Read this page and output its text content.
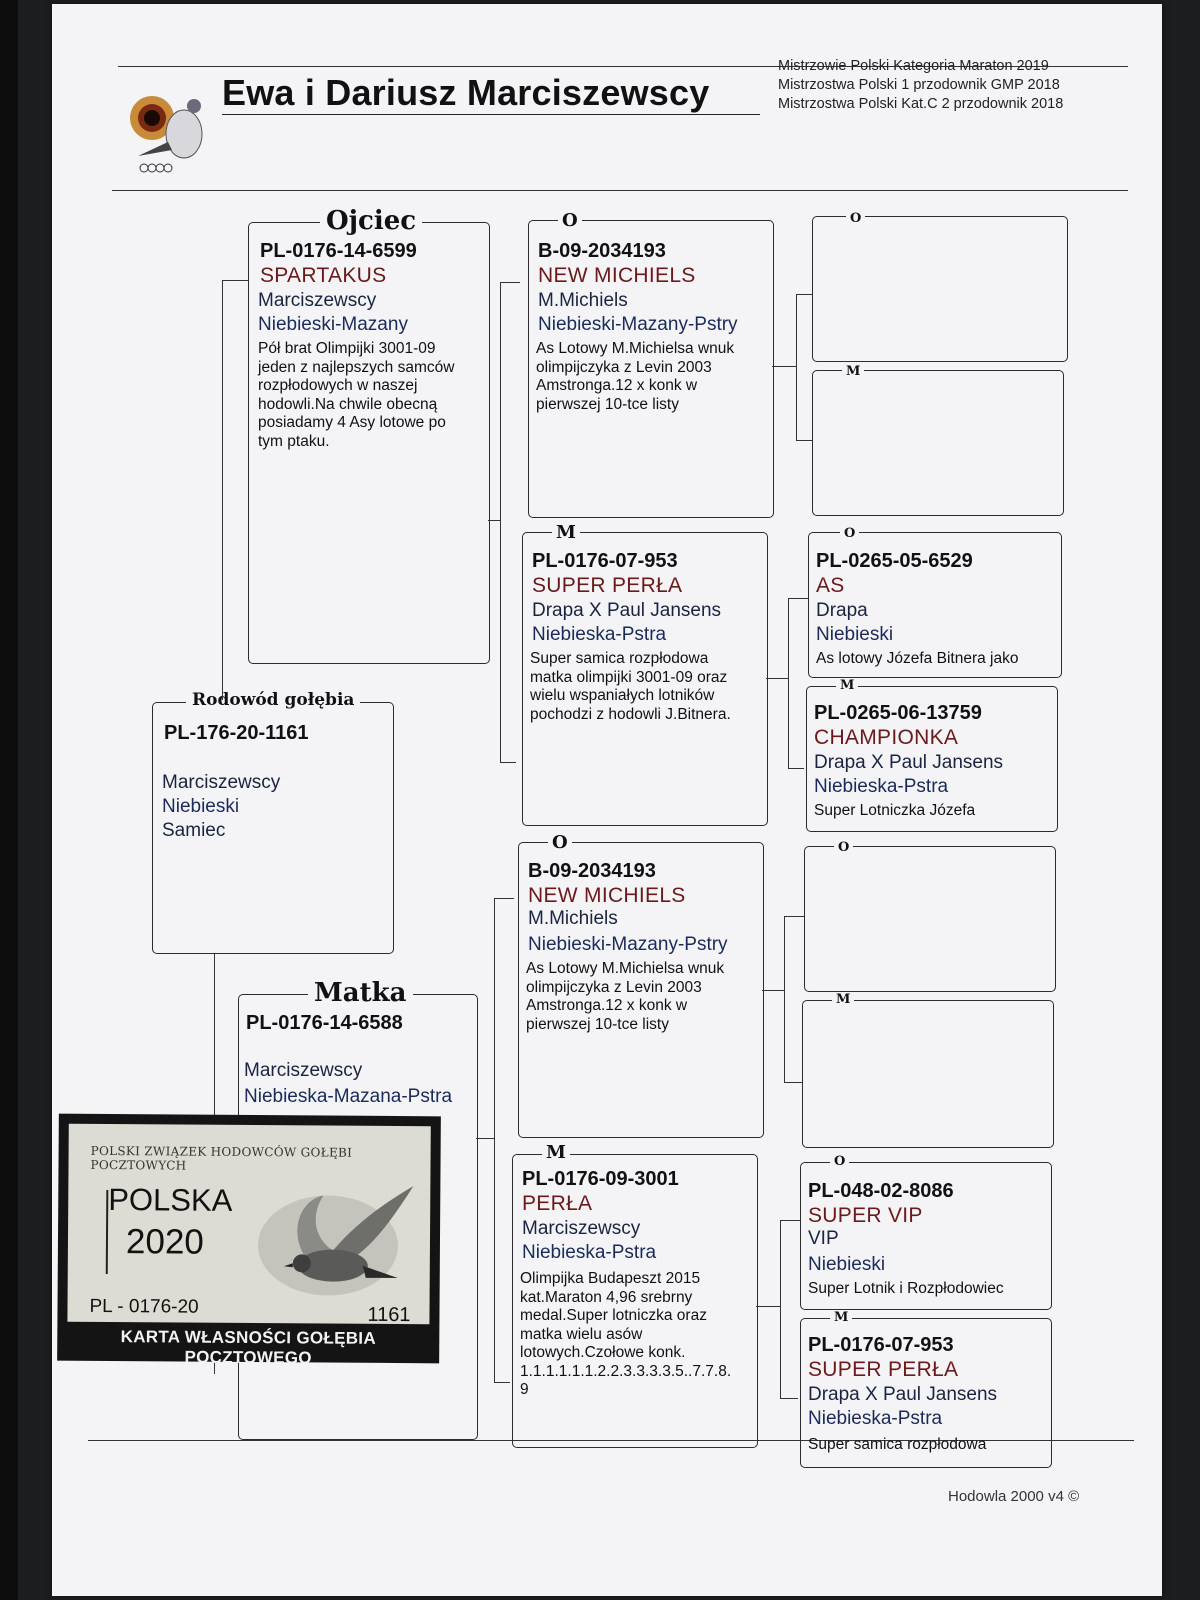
Ewa i Dariusz Marciszewscy
Mistrzowie Polski Kategoria Maraton 2019
Mistrzostwa Polski 1 przodownik GMP 2018
Mistrzostwa Polski Kat.C 2 przodownik 2018
Rodowód gołębia
PL-176-20-1161
Marciszewscy
Niebieski
Samiec
Ojciec
PL-0176-14-6599
SPARTAKUS
Marciszewscy
Niebieski-Mazany
Pół brat Olimpijki 3001-09
jeden z najlepszych samców
rozpłodowych w naszej
hodowli.Na chwile obecną
posiadamy 4 Asy lotowe po
tym ptaku.
Matka
PL-0176-14-6588
Marciszewscy
Niebieska-Mazana-Pstra
O
B-09-2034193
NEW MICHIELS
M.Michiels
Niebieski-Mazany-Pstry
As Lotowy M.Michielsa wnuk
olimpijczyka z Levin 2003
Amstronga.12 x konk w
pierwszej 10-tce listy
M
PL-0176-07-953
SUPER PERŁA
Drapa X Paul Jansens
Niebieska-Pstra
Super samica rozpłodowa
matka olimpijki 3001-09 oraz
wielu wspaniałych lotników
pochodzi z hodowli J.Bitnera.
O
B-09-2034193
NEW MICHIELS
M.Michiels
Niebieski-Mazany-Pstry
As Lotowy M.Michielsa wnuk
olimpijczyka z Levin 2003
Amstronga.12 x konk w
pierwszej 10-tce listy
M
PL-0176-09-3001
PERŁA
Marciszewscy
Niebieska-Pstra
Olimpijka Budapeszt 2015
kat.Maraton 4,96 srebrny
medal.Super lotniczka oraz
matka wielu asów
lotowych.Czołowe konk.
1.1.1.1.1.1.2.2.3.3.3.3.5..7.7.8.
9
O
M
O
PL-0265-05-6529
AS
Drapa
Niebieski
As lotowy Józefa Bitnera jako
M
PL-0265-06-13759
CHAMPIONKA
Drapa X Paul Jansens
Niebieska-Pstra
Super Lotniczka Józefa
O
M
O
PL-048-02-8086
SUPER VIP
VIP
Niebieski
Super Lotnik i Rozpłodowiec
M
PL-0176-07-953
SUPER PERŁA
Drapa X Paul Jansens
Niebieska-Pstra
Super samica rozpłodowa
POLSKI ZWIĄZEK HODOWCÓW GOŁĘBI POCZTOWYCH
POLSKA
2020
PL - 0176-20	1161
KARTA WŁASNOŚCI GOŁĘBIA POCZTOWEGO
Hodowla 2000 v4 ©
